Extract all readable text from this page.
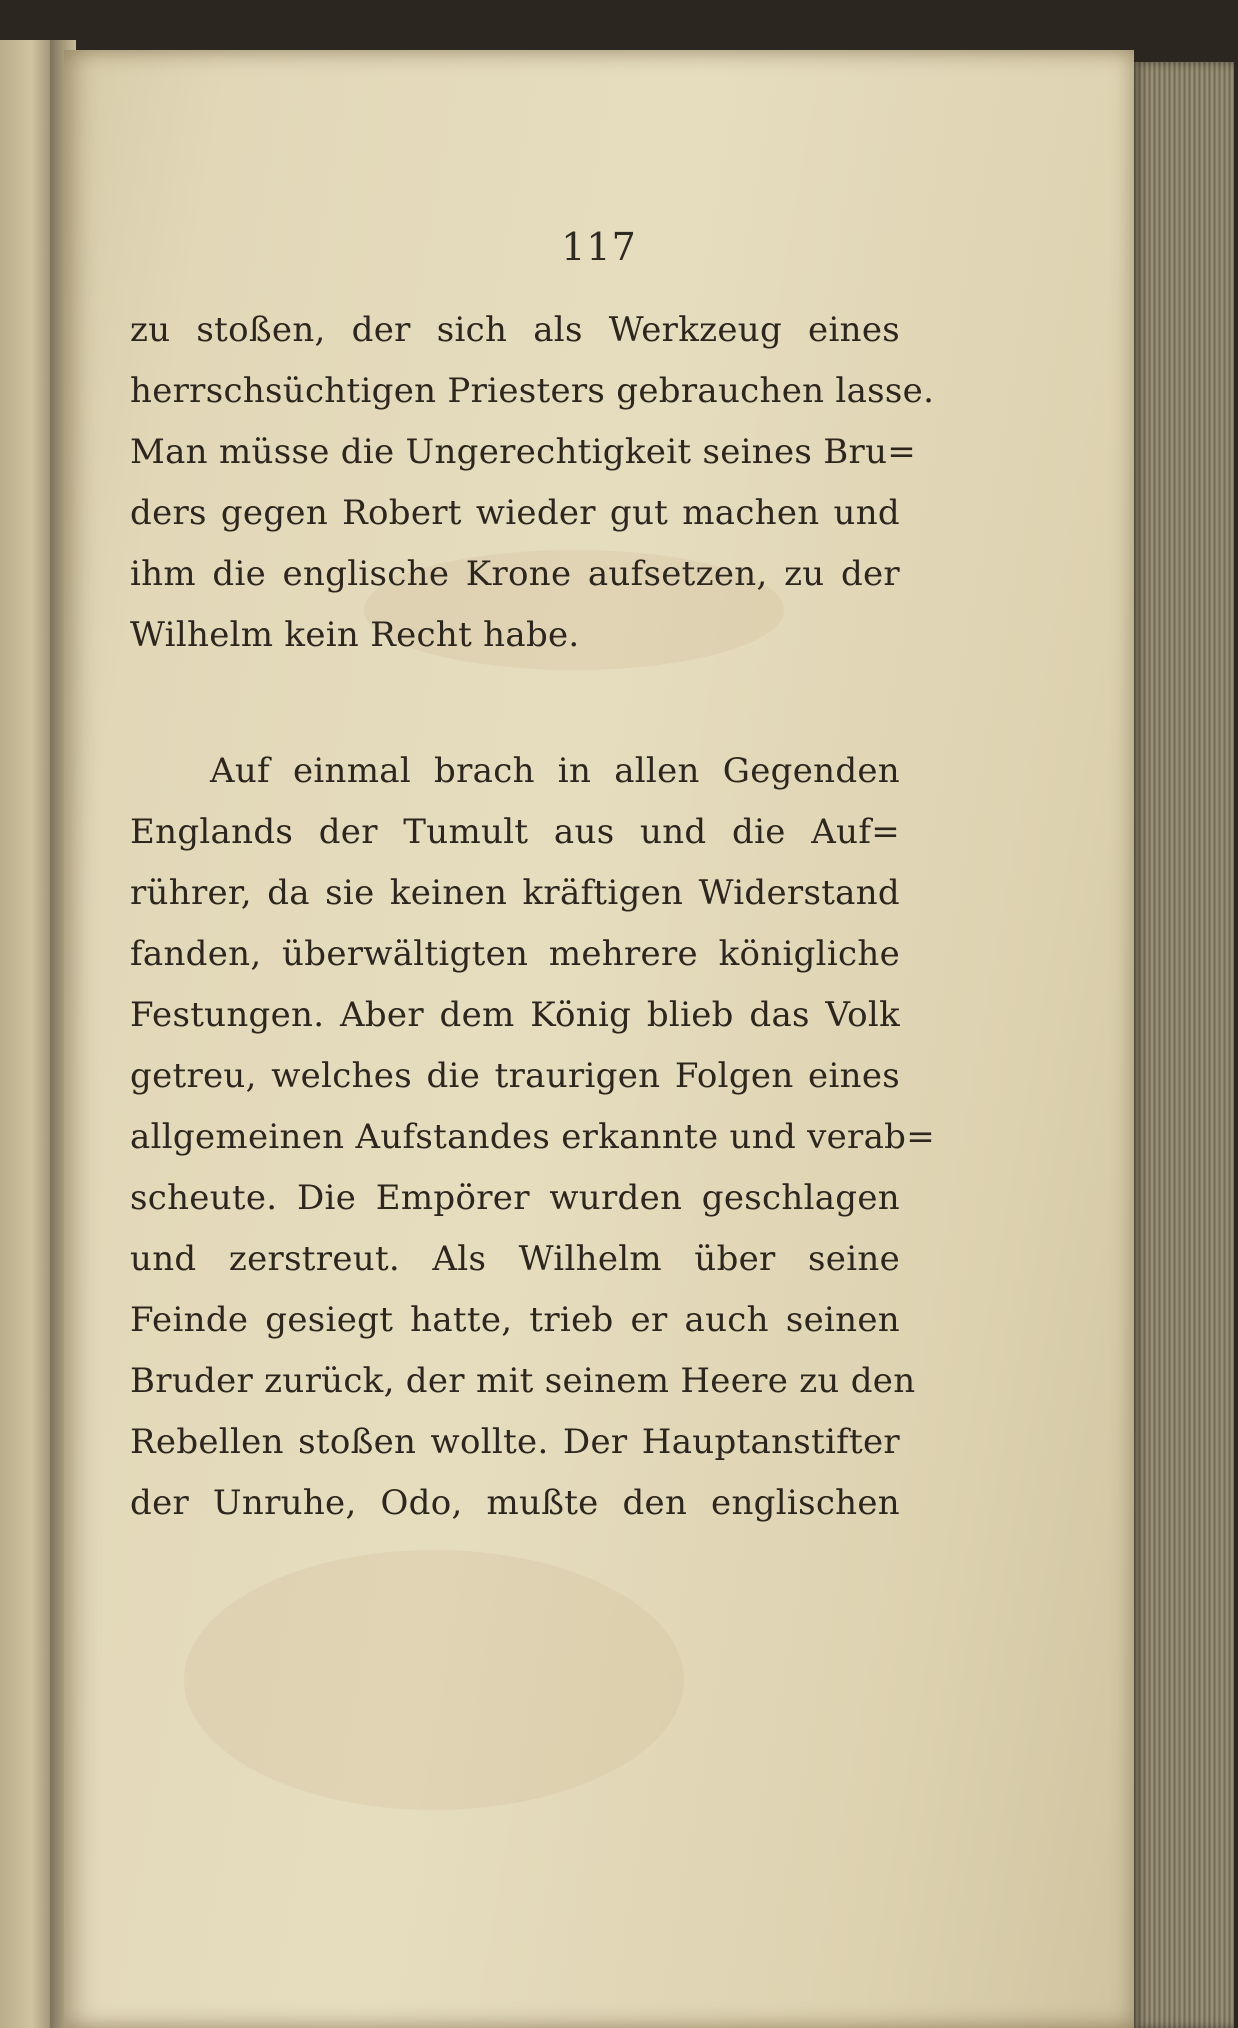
117
zu stoßen, der sich als Werkzeug eines
herrschsüchtigen Priesters gebrauchen lasse.
Man müsse die Ungerechtigkeit seines Bru=
ders gegen Robert wieder gut machen und
ihm die englische Krone aufsetzen, zu der
Wilhelm kein Recht habe.
Auf einmal brach in allen Gegenden
Englands der Tumult aus und die Auf=
rührer, da sie keinen kräftigen Widerstand
fanden, überwältigten mehrere königliche
Festungen. Aber dem König blieb das Volk
getreu, welches die traurigen Folgen eines
allgemeinen Aufstandes erkannte und verab=
scheute. Die Empörer wurden geschlagen
und zerstreut. Als Wilhelm über seine
Feinde gesiegt hatte, trieb er auch seinen
Bruder zurück, der mit seinem Heere zu den
Rebellen stoßen wollte. Der Hauptanstifter
der Unruhe, Odo, mußte den englischen
